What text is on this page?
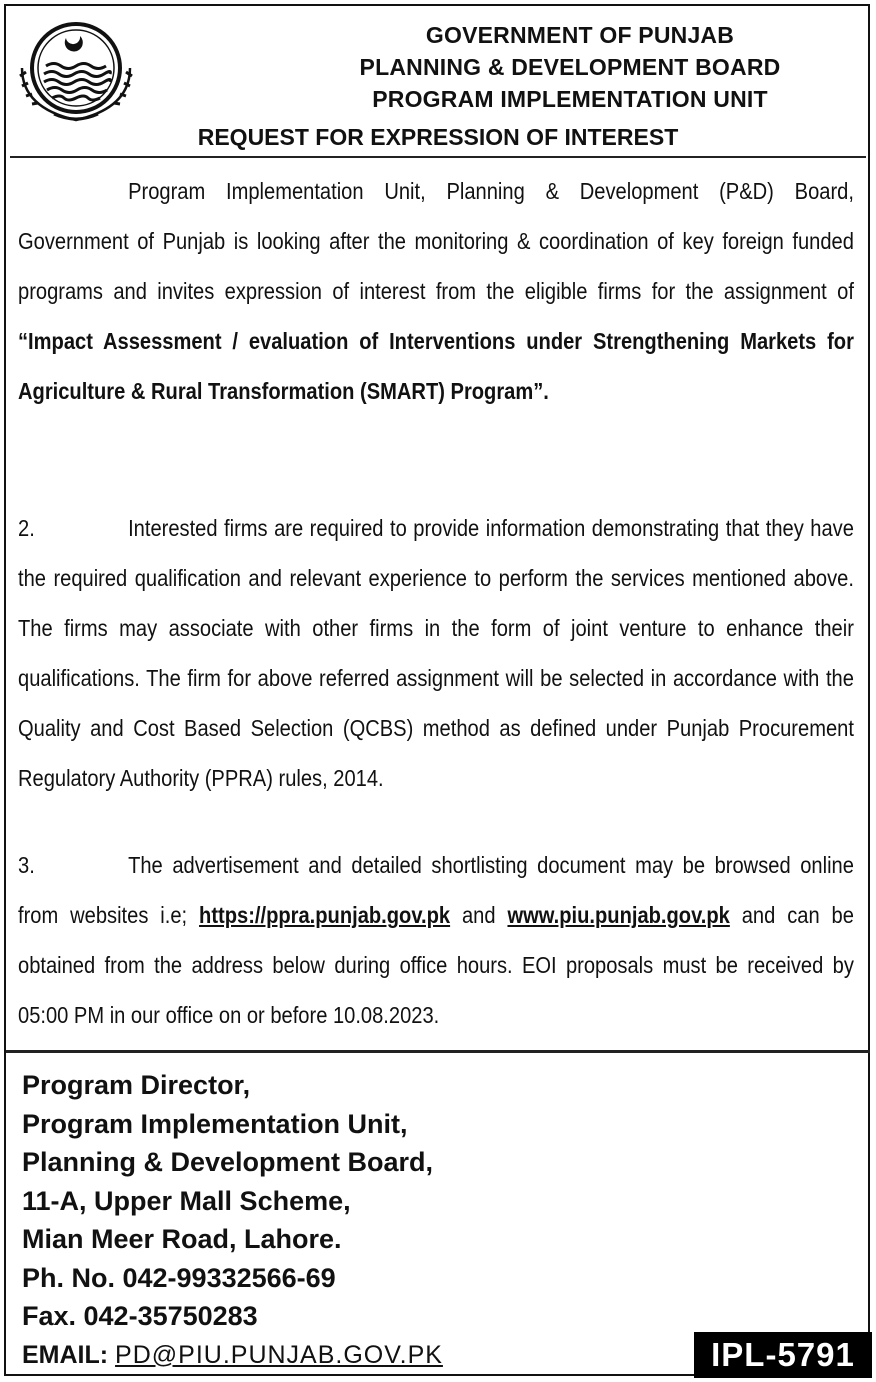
GOVERNMENT OF PUNJAB
PLANNING & DEVELOPMENT BOARD
PROGRAM IMPLEMENTATION UNIT
REQUEST FOR EXPRESSION OF INTEREST
Program Implementation Unit, Planning & Development (P&D) Board, Government of Punjab is looking after the monitoring & coordination of key foreign funded programs and invites expression of interest from the eligible firms for the assignment of “Impact Assessment / evaluation of Interventions under Strengthening Markets for Agriculture & Rural Transformation (SMART) Program”.
2.	Interested firms are required to provide information demonstrating that they have the required qualification and relevant experience to perform the services mentioned above. The firms may associate with other firms in the form of joint venture to enhance their qualifications. The firm for above referred assignment will be selected in accordance with the Quality and Cost Based Selection (QCBS) method as defined under Punjab Procurement Regulatory Authority (PPRA) rules, 2014.
3.	The advertisement and detailed shortlisting document may be browsed online from websites i.e; https://ppra.punjab.gov.pk and www.piu.punjab.gov.pk and can be obtained from the address below during office hours. EOI proposals must be received by 05:00 PM in our office on or before 10.08.2023.
Program Director,
Program Implementation Unit,
Planning & Development Board,
11-A, Upper Mall Scheme,
Mian Meer Road, Lahore.
Ph. No. 042-99332566-69
Fax. 042-35750283
EMAIL: PD@PIU.PUNJAB.GOV.PK	IPL-5791
